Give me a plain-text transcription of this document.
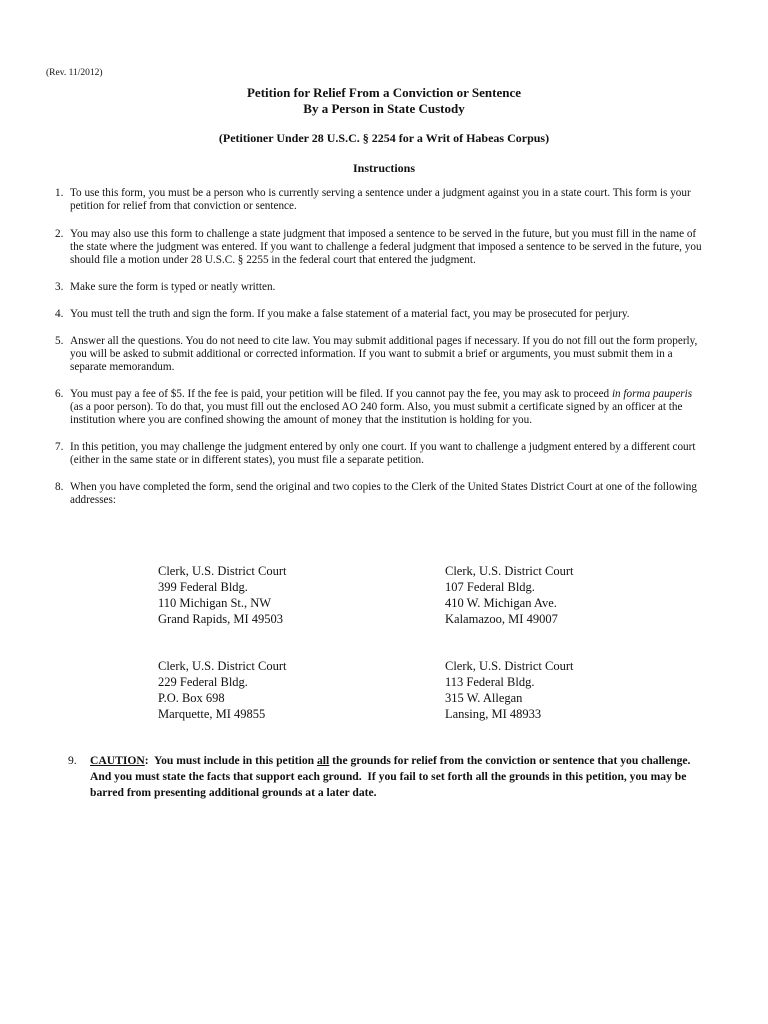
(Rev. 11/2012)
Petition for Relief From a Conviction or Sentence
By a Person in State Custody
(Petitioner Under 28 U.S.C. § 2254 for a Writ of Habeas Corpus)
Instructions
1. To use this form, you must be a person who is currently serving a sentence under a judgment against you in a state court. This form is your petition for relief from that conviction or sentence.
2. You may also use this form to challenge a state judgment that imposed a sentence to be served in the future, but you must fill in the name of the state where the judgment was entered. If you want to challenge a federal judgment that imposed a sentence to be served in the future, you should file a motion under 28 U.S.C. § 2255 in the federal court that entered the judgment.
3. Make sure the form is typed or neatly written.
4. You must tell the truth and sign the form. If you make a false statement of a material fact, you may be prosecuted for perjury.
5. Answer all the questions. You do not need to cite law. You may submit additional pages if necessary. If you do not fill out the form properly, you will be asked to submit additional or corrected information. If you want to submit a brief or arguments, you must submit them in a separate memorandum.
6. You must pay a fee of $5. If the fee is paid, your petition will be filed. If you cannot pay the fee, you may ask to proceed in forma pauperis (as a poor person). To do that, you must fill out the enclosed AO 240 form. Also, you must submit a certificate signed by an officer at the institution where you are confined showing the amount of money that the institution is holding for you.
7. In this petition, you may challenge the judgment entered by only one court. If you want to challenge a judgment entered by a different court (either in the same state or in different states), you must file a separate petition.
8. When you have completed the form, send the original and two copies to the Clerk of the United States District Court at one of the following addresses:
Clerk, U.S. District Court
399 Federal Bldg.
110 Michigan St., NW
Grand Rapids, MI 49503
Clerk, U.S. District Court
107 Federal Bldg.
410 W. Michigan Ave.
Kalamazoo, MI 49007
Clerk, U.S. District Court
229 Federal Bldg.
P.O. Box 698
Marquette, MI 49855
Clerk, U.S. District Court
113 Federal Bldg.
315 W. Allegan
Lansing, MI 48933
9.	CAUTION:  You must include in this petition all the grounds for relief from the conviction or sentence that you challenge.  And you must state the facts that support each ground.  If you fail to set forth all the grounds in this petition, you may be barred from presenting additional grounds at a later date.
